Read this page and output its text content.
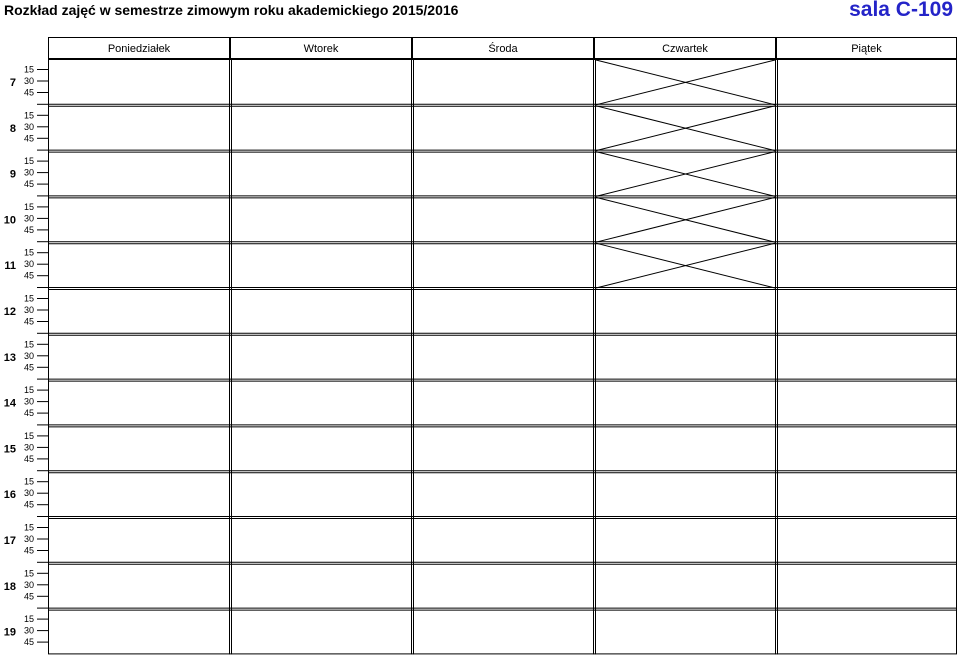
Rozkład zajęć w semestrze zimowym roku akademickiego 2015/2016	sala C-109
Poniedziałek	Wtorek	Środa	Czwartek	Piątek
7
15
30
45
8
15
30
45
9
15
30
45
10
15
30
45
11
15
30
45
12
15
30
45
13
15
30
45
14
15
30
45
15
15
30
45
16
15
30
45
17
15
30
45
18
15
30
45
19
15
30
45
